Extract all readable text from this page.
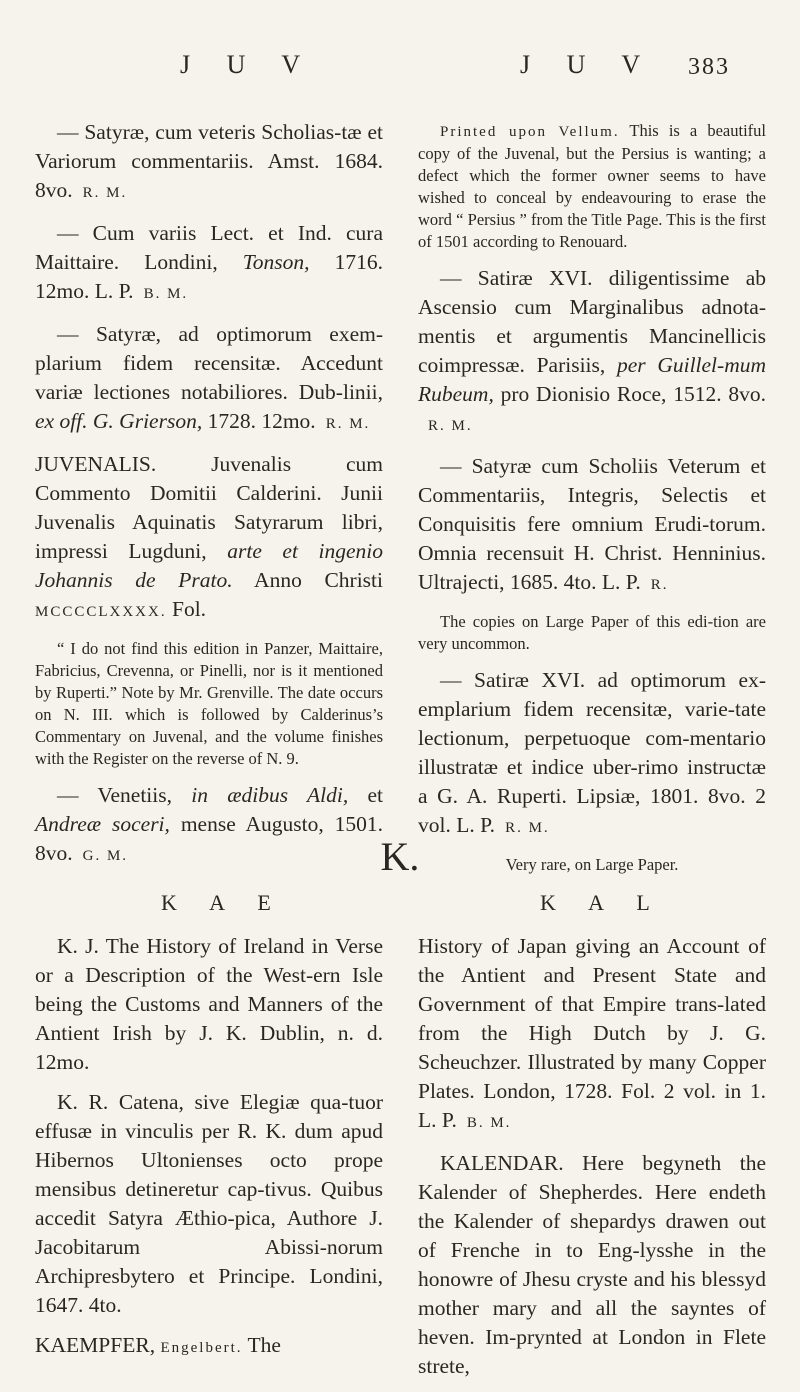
J U V	J U V 383

— Satyræ, cum veteris Scholias-tæ et Variorum commentariis. Amst. 1684. 8vo. R. M.

— Cum variis Lect. et Ind. cura Maittaire. Londini, Tonson, 1716. 12mo. L. P. B. M.

— Satyræ, ad optimorum exem-plarium fidem recensitæ. Accedunt variæ lectiones notabiliores. Dub-linii, ex off. G. Grierson, 1728. 12mo. R. M.

JUVENALIS. Juvenalis cum Commento Domitii Calderini. Junii Juvenalis Aquinatis Satyrarum libri, impressi Lugduni, arte et ingenio Johannis de Prato. Anno Christi MCCCCLXXXX. Fol.

“ I do not find this edition in Panzer, Maittaire, Fabricius, Crevenna, or Pinelli, nor is it mentioned by Ruperti.” Note by Mr. Grenville. The date occurs on N. III. which is followed by Calderinus’s Commentary on Juvenal, and the volume finishes with the Register on the reverse of N. 9.

— Venetiis, in ædibus Aldi, et Andreæ soceri, mense Augusto, 1501. 8vo. G. M.

Printed upon Vellum. This is a beautiful copy of the Juvenal, but the Persius is wanting; a defect which the former owner seems to have wished to conceal by endeavouring to erase the word “ Persius ” from the Title Page. This is the first of 1501 according to Renouard.

— Satiræ XVI. diligentissime ab Ascensio cum Marginalibus adnota-mentis et argumentis Mancinellicis coimpressæ. Parisiis, per Guillel-mum Rubeum, pro Dionisio Roce, 1512. 8vo.R. M.

— Satyræ cum Scholiis Veterum et Commentariis, Integris, Selectis et Conquisitis fere omnium Erudi-torum. Omnia recensuit H. Christ. Henninius. Ultrajecti, 1685. 4to. L. P. R.

The copies on Large Paper of this edi-tion are very uncommon.

— Satiræ XVI. ad optimorum ex-emplarium fidem recensitæ, varie-tate lectionum, perpetuoque com-mentario illustratæ et indice uber-rimo instructæ a G. A. Ruperti. Lipsiæ, 1801. 8vo. 2 vol. L. P. R. M.

Very rare, on Large Paper.

K.
K A E	K A L

K. J. The History of Ireland in Verse or a Description of the West-ern Isle being the Customs and Manners of the Antient Irish by J. K. Dublin, n. d. 12mo.

K. R. Catena, sive Elegiæ qua-tuor effusæ in vinculis per R. K. dum apud Hibernos Ultonienses octo prope mensibus detineretur cap-tivus. Quibus accedit Satyra Æthio-pica, Authore J. Jacobitarum Abissi-norum Archipresbytero et Principe. Londini, 1647. 4to.

KAEMPFER, Engelbert. The

History of Japan giving an Account of the Antient and Present State and Government of that Empire trans-lated from the High Dutch by J. G. Scheuchzer. Illustrated by many Copper Plates. London, 1728. Fol. 2 vol. in 1. L. P. B. M.

KALENDAR. Here begyneth the Kalender of Shepherdes. Here endeth the Kalender of shepardys drawen out of Frenche in to Eng-lysshe in the honowre of Jhesu cryste and his blessyd mother mary and all the sayntes of heven. Im-prynted at London in Flete strete,
